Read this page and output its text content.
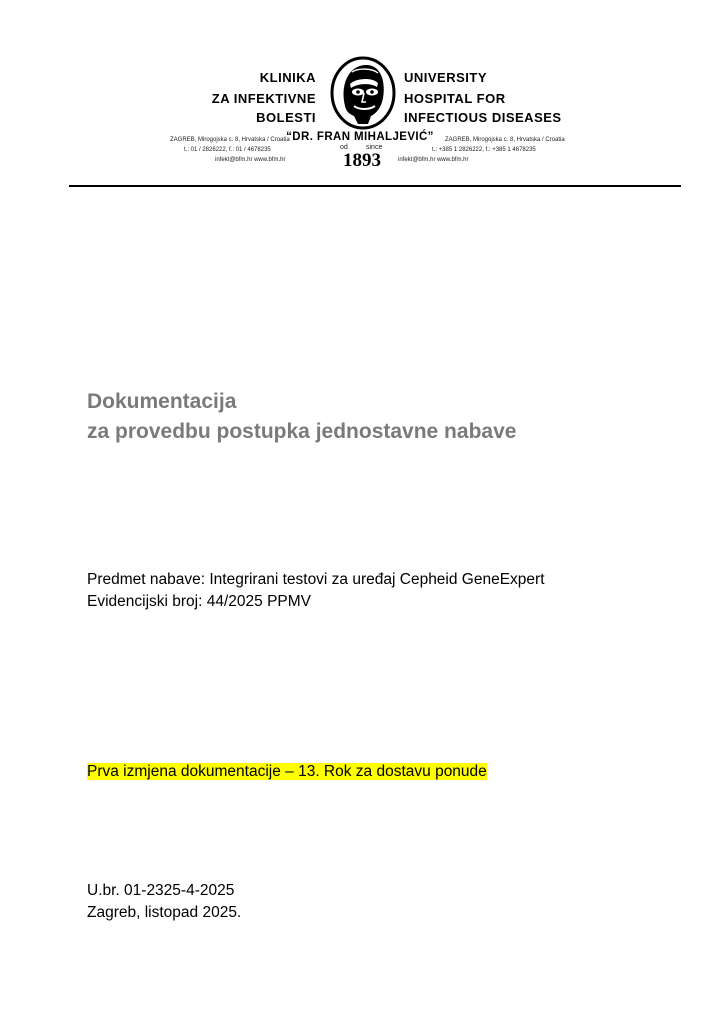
KLINIKA
ZA INFEKTIVNE
BOLESTI
UNIVERSITY
HOSPITAL FOR
INFECTIOUS DISEASES
ZAGREB, Mirogojska c. 8, Hrvatska / Croatia
t.: 01 / 2826222, f.: 01 / 4678235
infekt@bfm.hr www.bfm.hr
“DR. FRAN MIHALJEVIĆ”
od	since
1893
ZAGREB, Mirogojska c. 8, Hrvatska / Croatia
t.: +385 1 2826222, f.: +385 1 4678235
infekt@bfm.hr www.bfm.hr
Dokumentacija
za provedbu postupka jednostavne nabave
Predmet nabave: Integrirani testovi za uređaj Cepheid GeneExpert
Evidencijski broj: 44/2025 PPMV
Prva izmjena dokumentacije – 13. Rok za dostavu ponude
U.br. 01-2325-4-2025
Zagreb, listopad 2025.
